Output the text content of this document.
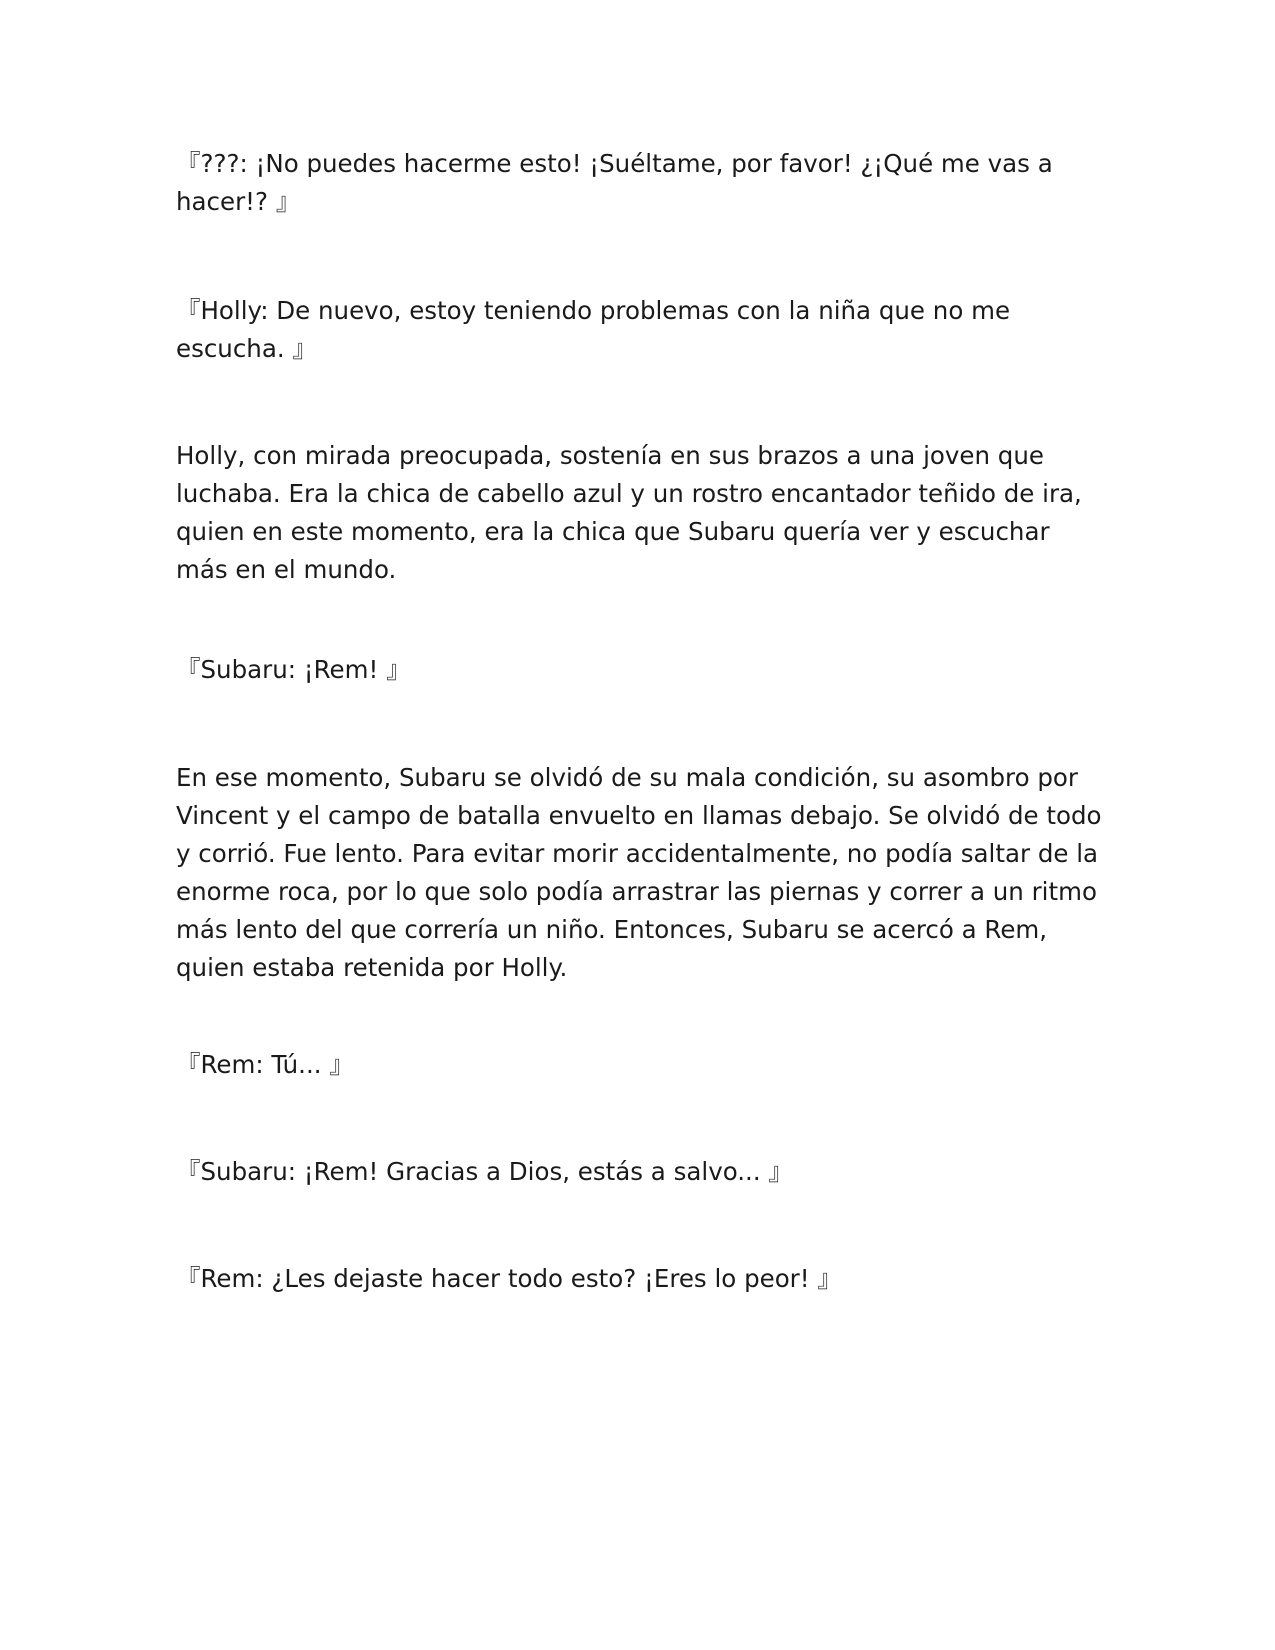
『???: ¡No puedes hacerme esto! ¡Suéltame, por favor! ¿¡Qué me vas a hacer!? 』

『Holly: De nuevo, estoy teniendo problemas con la niña que no me escucha. 』

Holly, con mirada preocupada, sostenía en sus brazos a una joven que luchaba. Era la chica de cabello azul y un rostro encantador teñido de ira, quien en este momento, era la chica que Subaru quería ver y escuchar más en el mundo.

『Subaru: ¡Rem! 』

En ese momento, Subaru se olvidó de su mala condición, su asombro por Vincent y el campo de batalla envuelto en llamas debajo. Se olvidó de todo y corrió. Fue lento. Para evitar morir accidentalmente, no podía saltar de la enorme roca, por lo que solo podía arrastrar las piernas y correr a un ritmo más lento del que correría un niño. Entonces, Subaru se acercó a Rem, quien estaba retenida por Holly.

『Rem: Tú... 』

『Subaru: ¡Rem! Gracias a Dios, estás a salvo... 』

『Rem: ¿Les dejaste hacer todo esto? ¡Eres lo peor! 』
